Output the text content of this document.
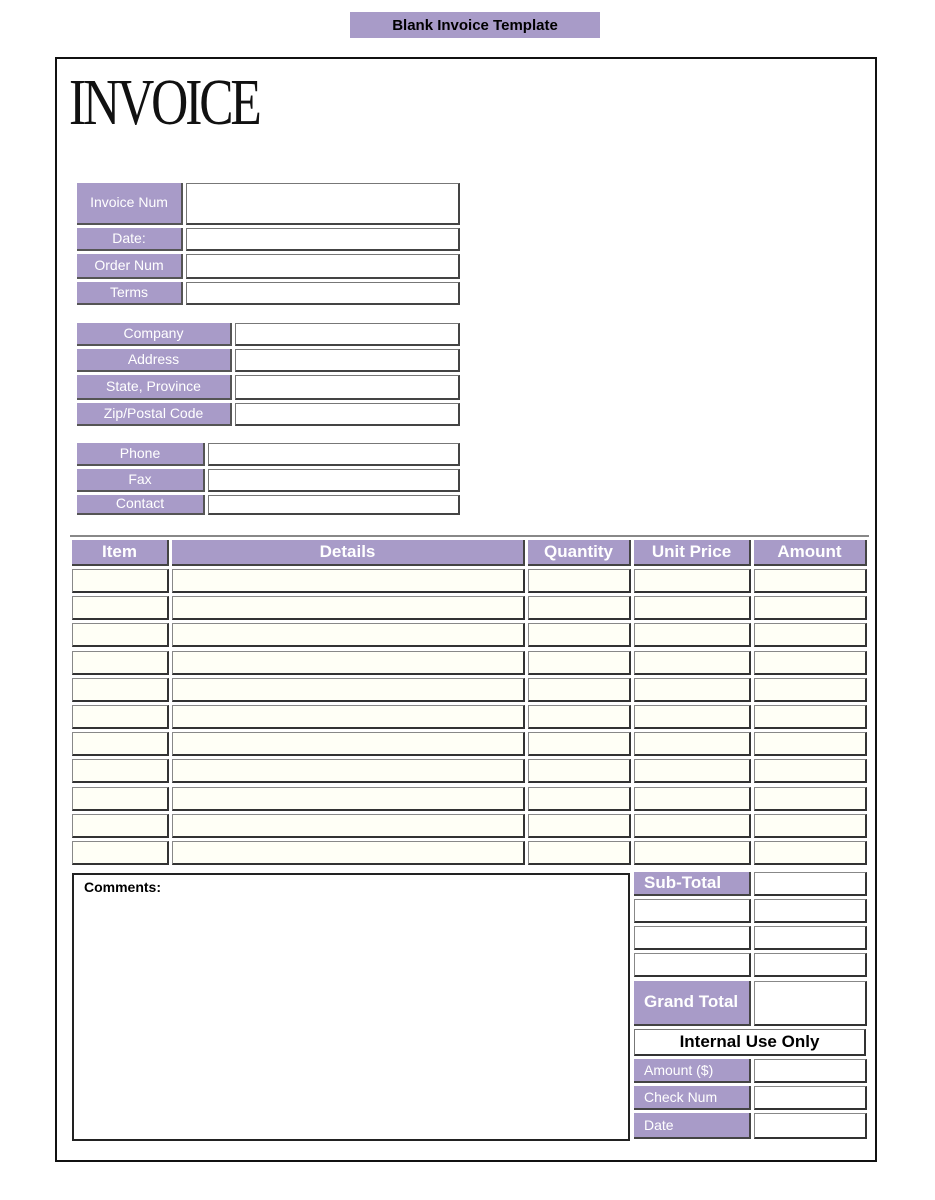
Blank Invoice Template
INVOICE
Invoice Num
Date:
Order Num
Terms
Company
Address
State, Province
Zip/Postal Code
Phone
Fax
Contact
Item	Details	Quantity	Unit Price	Amount
Comments:	Sub-Total
Grand Total
Internal Use Only
Amount ($)
Check Num
Date
